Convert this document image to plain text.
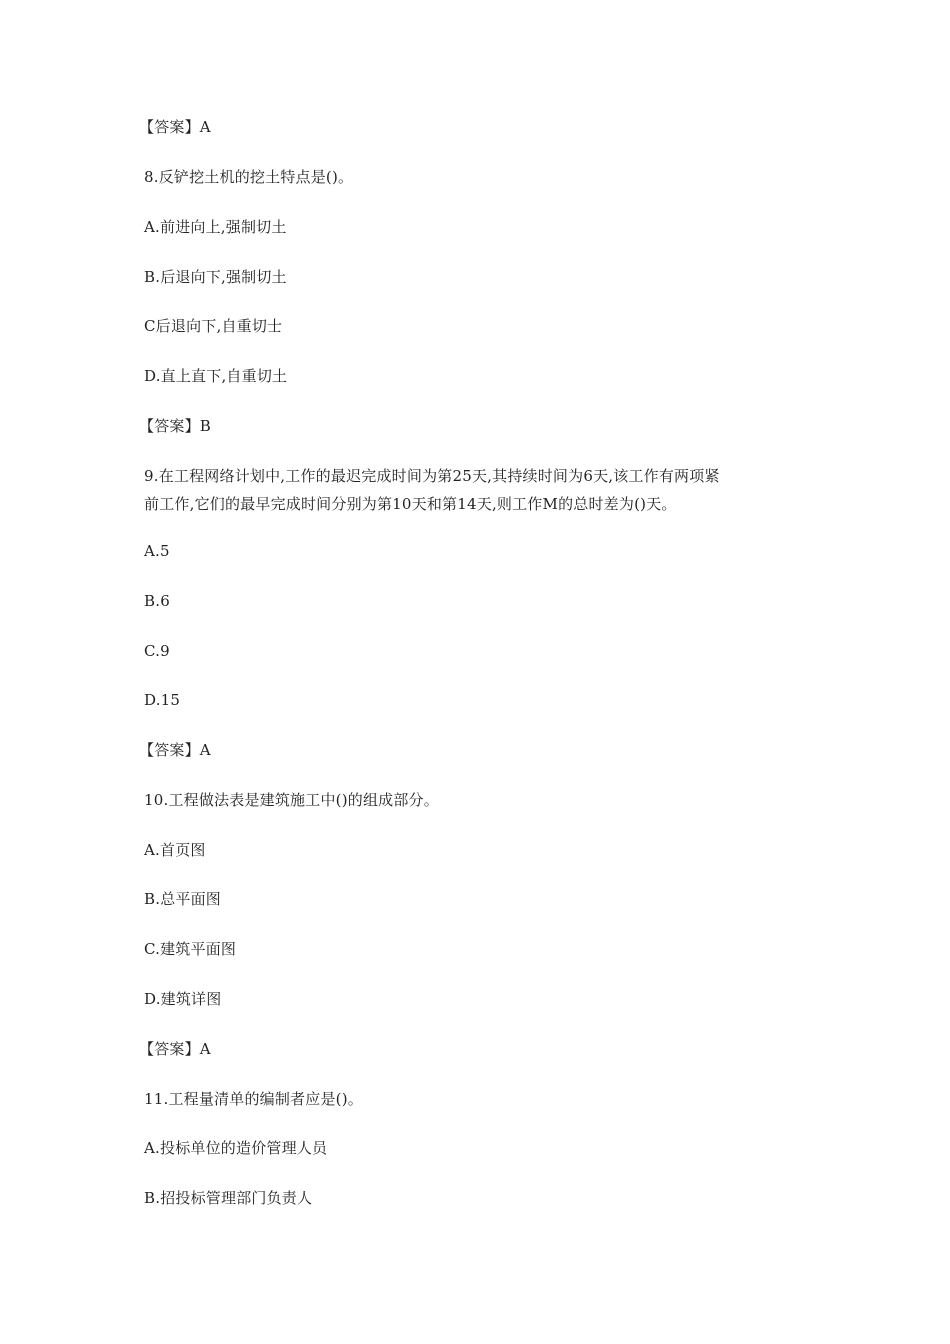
【答案】A
8.反铲挖土机的挖土特点是()。
A.前进向上,强制切土
B.后退向下,强制切土
C后退向下,自重切士
D.直上直下,自重切土
【答案】B
9.在工程网络计划中,工作的最迟完成时间为第25天,其持续时间为6天,该工作有两项紧
前工作,它们的最早完成时间分别为第10天和第14天,则工作M的总时差为()天。
A.5
B.6
C.9
D.15
【答案】A
10.工程做法表是建筑施工中()的组成部分。
A.首页图
B.总平面图
C.建筑平面图
D.建筑详图
【答案】A
11.工程量清单的编制者应是()。
A.投标单位的造价管理人员
B.招投标管理部门负责人
